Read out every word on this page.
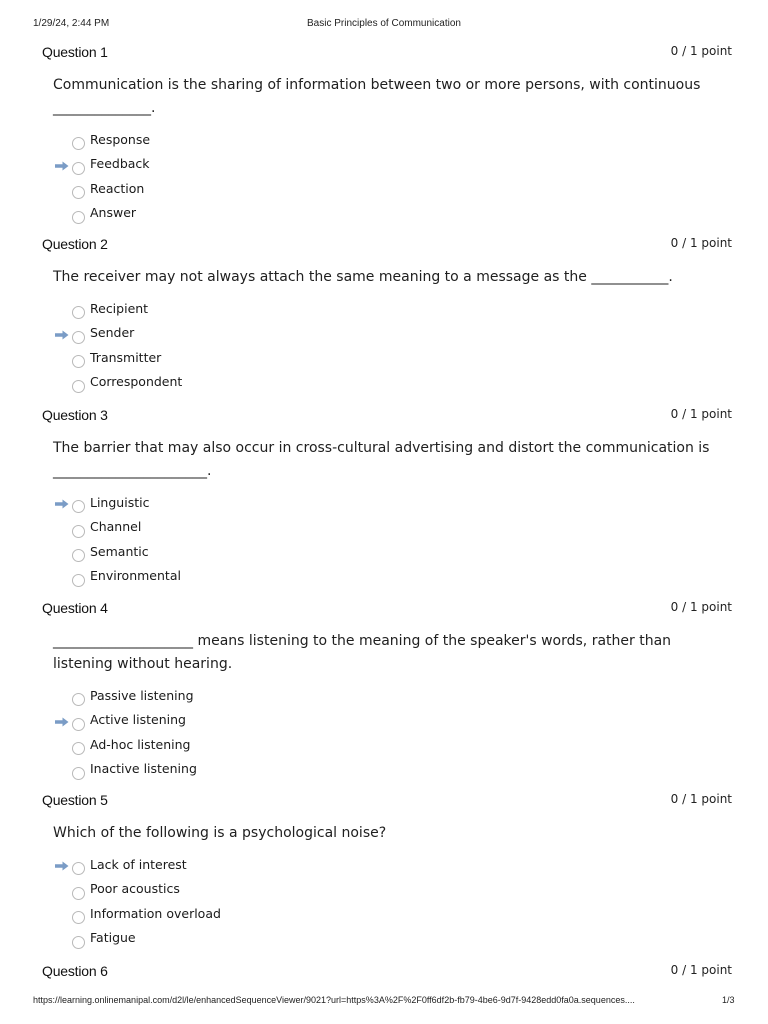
1/29/24, 2:44 PM	Basic Principles of Communication
Question 1	0 / 1 point
Communication is the sharing of information between two or more persons, with continuous ______________.
Response
Feedback
Reaction
Answer
Question 2	0 / 1 point
The receiver may not always attach the same meaning to a message as the ___________.
Recipient
Sender
Transmitter
Correspondent
Question 3	0 / 1 point
The barrier that may also occur in cross-cultural advertising and distort the communication is ______________________.
Linguistic
Channel
Semantic
Environmental
Question 4	0 / 1 point
____________________ means listening to the meaning of the speaker's words, rather than listening without hearing.
Passive listening
Active listening
Ad-hoc listening
Inactive listening
Question 5	0 / 1 point
Which of the following is a psychological noise?
Lack of interest
Poor acoustics
Information overload
Fatigue
Question 6	0 / 1 point
https://learning.onlinemanipal.com/d2l/le/enhancedSequenceViewer/9021?url=https%3A%2F%2F0ff6df2b-fb79-4be6-9d7f-9428edd0fa0a.sequences....	1/3
